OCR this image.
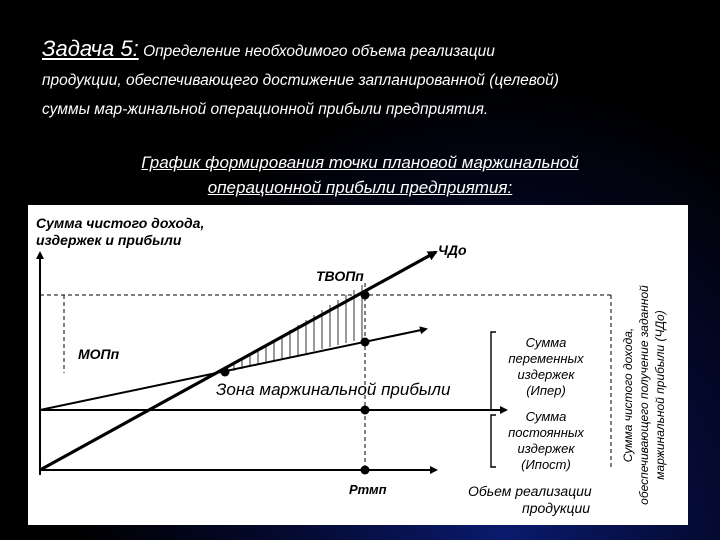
Задача 5: Определение необходимого объема реализации
продукции, обеспечивающего достижение запланированной (целевой)
суммы мар-жинальной операционной прибыли предприятия.
График формирования точки плановой маржинальной
операционной прибыли предприятия:
Сумма чистого дохода,
издержек и прибыли
ЧДо
ТВОПп
МОПп
Зона маржинальной прибыли
Сумма
переменных
издержек
(Ипер)
Сумма
постоянных
издержек
(Ипост)
Сумма чистого дохода, обеспечивающего получение заданной маржинальной прибыли (ЧДо)
Ртмп	Обьем реализации
продукции
